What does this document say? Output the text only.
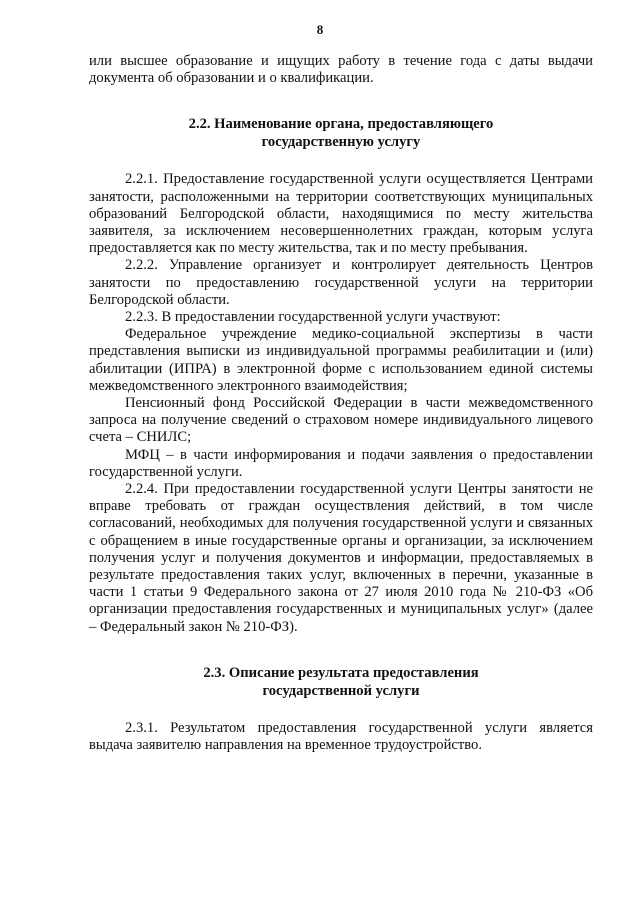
8

или высшее образование и ищущих работу в течение года с даты выдачи документа об образовании и о квалификации.

2.2. Наименование органа, предоставляющего
государственную услугу

2.2.1. Предоставление государственной услуги осуществляется Центрами занятости, расположенными на территории соответствующих муниципальных образований Белгородской области, находящимися по месту жительства заявителя, за исключением несовершеннолетних граждан, которым услуга предоставляется как по месту жительства, так и по месту пребывания.

2.2.2. Управление организует и контролирует деятельность Центров занятости по предоставлению государственной услуги на территории Белгородской области.

2.2.3. В предоставлении государственной услуги участвуют:

Федеральное учреждение медико-социальной экспертизы в части представления выписки из индивидуальной программы реабилитации и (или) абилитации (ИПРА) в электронной форме с использованием единой системы межведомственного электронного взаимодействия;

Пенсионный фонд Российской Федерации в части межведомственного запроса на получение сведений о страховом номере индивидуального лицевого счета – СНИЛС;

МФЦ – в части информирования и подачи заявления о предоставлении государственной услуги.

2.2.4. При предоставлении государственной услуги Центры занятости не вправе требовать от граждан осуществления действий, в том числе согласований, необходимых для получения государственной услуги и связанных с обращением в иные государственные органы и организации, за исключением получения услуг и получения документов и информации, предоставляемых в результате предоставления таких услуг, включенных в перечни, указанные в части 1 статьи 9 Федерального закона от 27 июля 2010 года № 210-ФЗ «Об организации предоставления государственных и муниципальных услуг» (далее – Федеральный закон № 210-ФЗ).

2.3. Описание результата предоставления
государственной услуги

2.3.1. Результатом предоставления государственной услуги является выдача заявителю направления на временное трудоустройство.
